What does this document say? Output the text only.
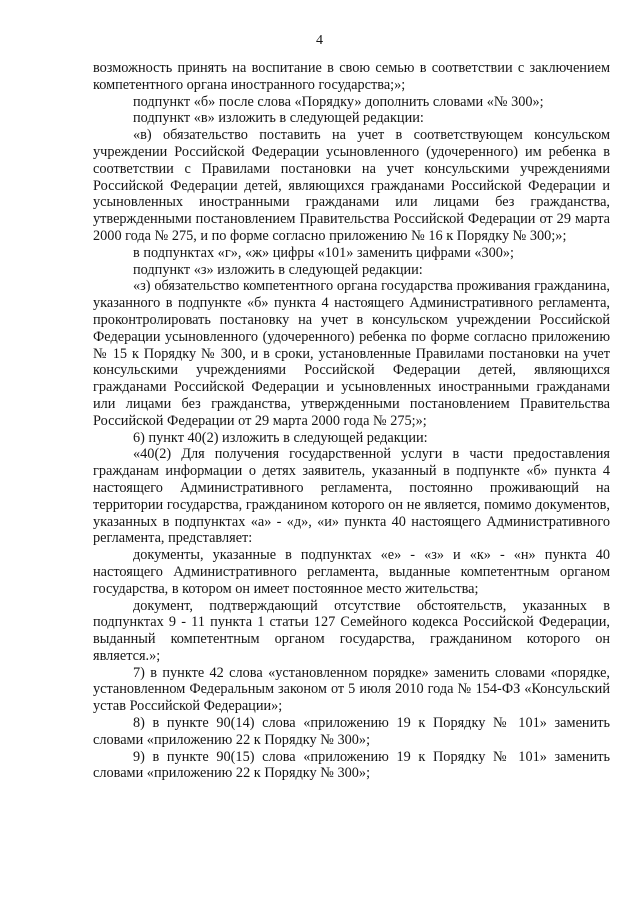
4

возможность принять на воспитание в свою семью в соответствии с заключением компетентного органа иностранного государства;»;

подпункт «б» после слова «Порядку» дополнить словами «№ 300»;

подпункт «в» изложить в следующей редакции:

«в) обязательство поставить на учет в соответствующем консульском учреждении Российской Федерации усыновленного (удочеренного) им ребенка в соответствии с Правилами постановки на учет консульскими учреждениями Российской Федерации детей, являющихся гражданами Российской Федерации и усыновленных иностранными гражданами или лицами без гражданства, утвержденными постановлением Правительства Российской Федерации от 29 марта 2000 года № 275, и по форме согласно приложению № 16 к Порядку № 300;»;

в подпунктах «г», «ж» цифры «101» заменить цифрами «300»;

подпункт «з» изложить в следующей редакции:

«з) обязательство компетентного органа государства проживания гражданина, указанного в подпункте «б» пункта 4 настоящего Административного регламента, проконтролировать постановку на учет в консульском учреждении Российской Федерации усыновленного (удочеренного) ребенка по форме согласно приложению № 15 к Порядку № 300, и в сроки, установленные Правилами постановки на учет консульскими учреждениями Российской Федерации детей, являющихся гражданами Российской Федерации и усыновленных иностранными гражданами или лицами без гражданства, утвержденными постановлением Правительства Российской Федерации от 29 марта 2000 года № 275;»;

6) пункт 40(2) изложить в следующей редакции:

«40(2) Для получения государственной услуги в части предоставления гражданам информации о детях заявитель, указанный в подпункте «б» пункта 4 настоящего Административного регламента, постоянно проживающий на территории государства, гражданином которого он не является, помимо документов, указанных в подпунктах «а» - «д», «и» пункта 40 настоящего Административного регламента, представляет:

документы, указанные в подпунктах «е» - «з» и «к» - «н» пункта 40 настоящего Административного регламента, выданные компетентным органом государства, в котором он имеет постоянное место жительства;

документ, подтверждающий отсутствие обстоятельств, указанных в подпунктах 9 - 11 пункта 1 статьи 127 Семейного кодекса Российской Федерации, выданный компетентным органом государства, гражданином которого он является.»;

7) в пункте 42 слова «установленном порядке» заменить словами «порядке, установленном Федеральным законом от 5 июля 2010 года № 154-ФЗ «Консульский устав Российской Федерации»;

8) в пункте 90(14) слова «приложению 19 к Порядку № 101» заменить словами «приложению 22 к Порядку № 300»;

9) в пункте 90(15) слова «приложению 19 к Порядку № 101» заменить словами «приложению 22 к Порядку № 300»;
